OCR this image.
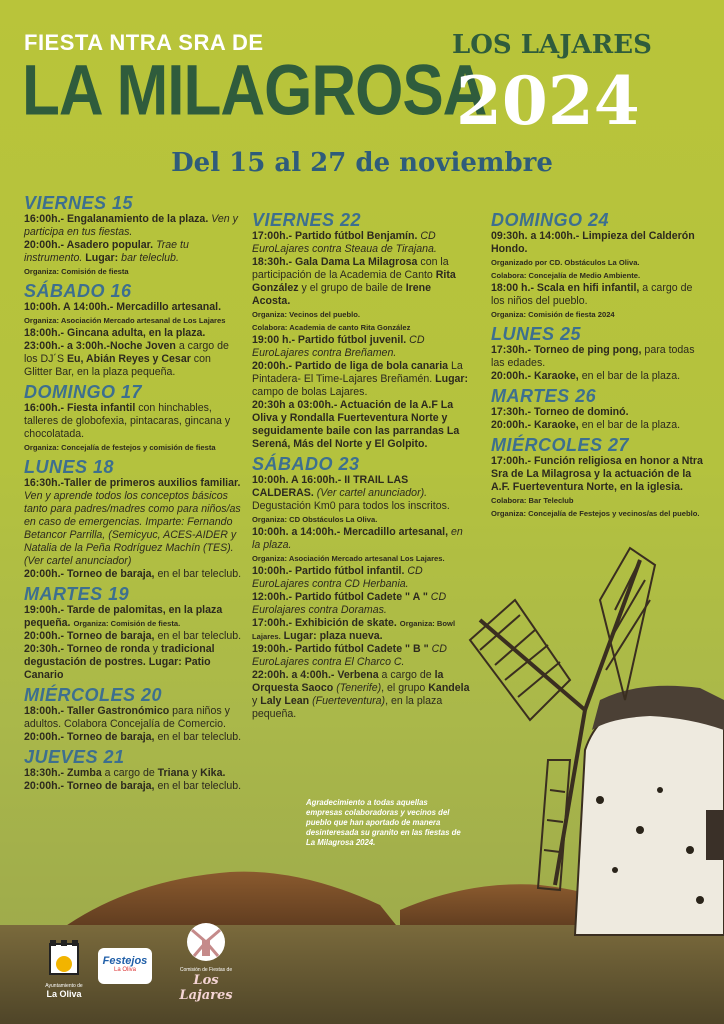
FIESTA NTRA SRA DE
LA MILAGROSA
LOS LAJARES
2024
Del 15 al 27 de noviembre
VIERNES 15

16:00h.- Engalanamiento de la plaza. Ven y participa en tus fiestas.

20:00h.- Asadero popular. Trae tu instrumento. Lugar: bar teleclub.

Organiza: Comisión de fiesta

SÁBADO 16

10:00h. A 14:00h.- Mercadillo artesanal.

Organiza: Asociación Mercado artesanal de Los Lajares

18:00h.- Gincana adulta, en la plaza.

23:00h.- a 3:00h.-Noche Joven a cargo de los DJ´S Eu, Abián Reyes y Cesar con Glitter Bar, en la plaza pequeña.

DOMINGO 17

16:00h.- Fiesta infantil con hinchables, talleres de globofexia, pintacaras, gincana y chocolatada.

Organiza: Concejalía de festejos y comisión de fiesta

LUNES 18

16:30h.-Taller de primeros auxilios familiar. Ven y aprende todos los conceptos básicos tanto para padres/madres como para niños/as en caso de emergencias. Imparte: Fernando Betancor Parrilla, (Semicyuc, ACES-AIDER y Natalia de la Peña Rodríguez Machín (TES). (Ver cartel anunciador)

20:00h.- Torneo de baraja, en el bar teleclub.

MARTES 19

19:00h.- Tarde de palomitas, en la plaza pequeña. Organiza: Comisión de fiesta.

20:00h.- Torneo de baraja, en el bar teleclub.

20:30h.- Torneo de ronda y tradicional degustación de postres. Lugar: Patio Canario

MIÉRCOLES 20

18:00h.- Taller Gastronómico para niños y adultos. Colabora Concejalía de Comercio.

20:00h.- Torneo de baraja, en el bar teleclub.

JUEVES 21

18:30h.- Zumba a cargo de Triana y Kika.

20:00h.- Torneo de baraja, en el bar teleclub.

VIERNES 22

17:00h.- Partido fútbol Benjamín. CD EuroLajares contra Steaua de Tirajana.

18:30h.- Gala Dama La Milagrosa con la participación de la Academia de Canto Rita González y el grupo de baile de Irene Acosta.

Organiza: Vecinos del pueblo.
Colabora: Academia de canto Rita González

19:00 h.- Partido fútbol juvenil. CD EuroLajares contra Breñamen.

20:00h.- Partido de liga de bola canaria La Pintadera- El Time-Lajares Breñamén. Lugar: campo de bolas Lajares.

20:30h a 03:00h.- Actuación de la A.F La Oliva y Rondalla Fuerteventura Norte y seguidamente baile con las parrandas La Serená, Más del Norte y El Golpito.

SÁBADO 23

10:00h. A 16:00h.- II TRAIL LAS CALDERAS. (Ver cartel anunciador). Degustación Km0 para todos los inscritos. Organiza: CD Obstáculos La Oliva.

10:00h. a 14:00h.- Mercadillo artesanal, en la plaza.

Organiza: Asociación Mercado artesanal Los Lajares.

10:00h.- Partido fútbol infantil. CD EuroLajares contra CD Herbania.

12:00h.- Partido fútbol Cadete " A " CD Eurolajares contra Doramas.

17:00h.- Exhibición de skate. Organiza: Bowl Lajares. Lugar: plaza nueva.

19:00h.- Partido fútbol Cadete " B " CD EuroLajares contra El Charco C.

22:00h. a 4:00h.- Verbena a cargo de la Orquesta Saoco (Tenerife), el grupo Kandela y Laly Lean (Fuerteventura), en la plaza pequeña.

DOMINGO 24

09:30h. a 14:00h.- Limpieza del Calderón Hondo.

Organizado por CD. Obstáculos La Oliva.
Colabora: Concejalía de Medio Ambiente.

18:00 h.- Scala en hifi infantil, a cargo de los niños del pueblo.

Organiza: Comisión de fiesta 2024

LUNES 25

17:30h.- Torneo de ping pong, para todas las edades.

20:00h.- Karaoke, en el bar de la plaza.

MARTES 26

17:30h.- Torneo de dominó.

20:00h.- Karaoke, en el bar de la plaza.

MIÉRCOLES 27

17:00h.- Función religiosa en honor a Ntra Sra de La Milagrosa y la actuación de la A.F. Fuerteventura Norte, en la iglesia.

Colabora: Bar Teleclub
Organiza: Concejalía de Festejos y vecinos/as del pueblo.

Agradecimiento a todas aquellas empresas colaboradoras y vecinos del pueblo que han aportado de manera desinteresada su granito en las fiestas de La Milagrosa 2024.
Ayuntamiento de
La Oliva
Festejos
La Oliva	Comisión de Fiestas de
Los Lajares
